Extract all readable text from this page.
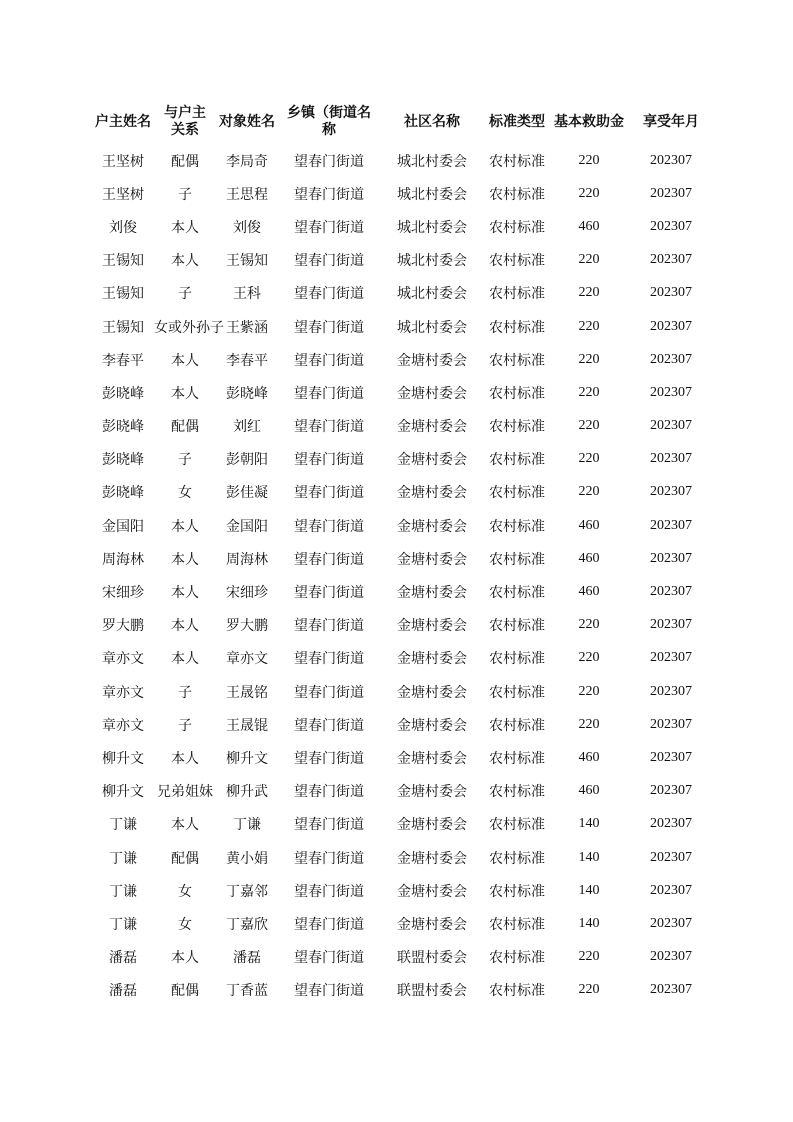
户主姓名	与户主关系	对象姓名	乡镇（街道名称	社区名称	标准类型	基本救助金	享受年月
王坚树	配偶	李局奇	望春门街道	城北村委会	农村标准	220	202307
王坚树	子	王思程	望春门街道	城北村委会	农村标准	220	202307
刘俊	本人	刘俊	望春门街道	城北村委会	农村标准	460	202307
王锡知	本人	王锡知	望春门街道	城北村委会	农村标准	220	202307
王锡知	子	王科	望春门街道	城北村委会	农村标准	220	202307
王锡知	女或外孙子	王紫涵	望春门街道	城北村委会	农村标准	220	202307
李春平	本人	李春平	望春门街道	金塘村委会	农村标准	220	202307
彭晓峰	本人	彭晓峰	望春门街道	金塘村委会	农村标准	220	202307
彭晓峰	配偶	刘红	望春门街道	金塘村委会	农村标准	220	202307
彭晓峰	子	彭朝阳	望春门街道	金塘村委会	农村标准	220	202307
彭晓峰	女	彭佳凝	望春门街道	金塘村委会	农村标准	220	202307
金国阳	本人	金国阳	望春门街道	金塘村委会	农村标准	460	202307
周海林	本人	周海林	望春门街道	金塘村委会	农村标准	460	202307
宋细珍	本人	宋细珍	望春门街道	金塘村委会	农村标准	460	202307
罗大鹏	本人	罗大鹏	望春门街道	金塘村委会	农村标准	220	202307
章亦文	本人	章亦文	望春门街道	金塘村委会	农村标准	220	202307
章亦文	子	王晟铭	望春门街道	金塘村委会	农村标准	220	202307
章亦文	子	王晟锟	望春门街道	金塘村委会	农村标准	220	202307
柳升文	本人	柳升文	望春门街道	金塘村委会	农村标准	460	202307
柳升文	兄弟姐妹	柳升武	望春门街道	金塘村委会	农村标准	460	202307
丁谦	本人	丁谦	望春门街道	金塘村委会	农村标准	140	202307
丁谦	配偶	黄小娟	望春门街道	金塘村委会	农村标准	140	202307
丁谦	女	丁嘉邻	望春门街道	金塘村委会	农村标准	140	202307
丁谦	女	丁嘉欣	望春门街道	金塘村委会	农村标准	140	202307
潘磊	本人	潘磊	望春门街道	联盟村委会	农村标准	220	202307
潘磊	配偶	丁香蓝	望春门街道	联盟村委会	农村标准	220	202307
